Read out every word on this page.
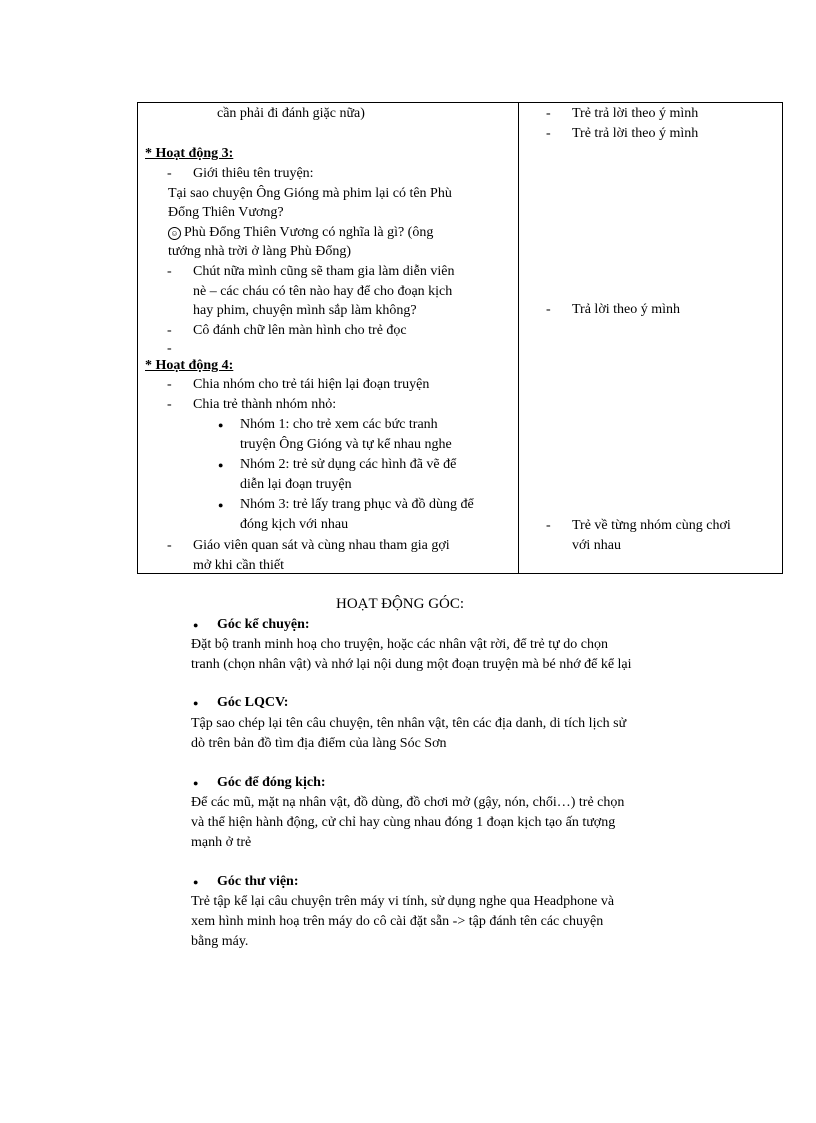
cần phải đi đánh giặc nữa)
* Hoạt động 3:
- Giới thiêu tên truyện:
Tại sao chuyện Ông Gióng mà phim lại có tên Phù
Đổng Thiên Vương?
☺ Phù Đổng Thiên Vương có nghĩa là gì? (ông
tướng nhà trời ở làng Phù Đổng)
- Chút nữa mình cũng sẽ tham gia làm diễn viên
nè – các cháu có tên nào hay để cho đoạn kịch
hay phim, chuyện mình sắp làm không?
- Cô đánh chữ lên màn hình cho trẻ đọc
* Hoạt động 4:
- Chia nhóm cho trẻ tái hiện lại đoạn truyện
- Chia trẻ thành nhóm nhỏ:
● Nhóm 1: cho trẻ xem các bức tranh
truyện Ông Gióng và tự kể nhau nghe
● Nhóm 2: trẻ sử dụng các hình đã vẽ để
diễn lại đoạn truyện
● Nhóm 3: trẻ lấy trang phục và đồ dùng để
đóng kịch với nhau
- Giáo viên quan sát và cùng nhau tham gia gợi
mở khi cần thiết
- Trẻ trả lời theo ý mình
- Trẻ trả lời theo ý mình
- Trả lời theo ý mình
- Trẻ về từng nhóm cùng chơi
với nhau
HOẠT ĐỘNG GÓC:
● Góc kể chuyện:
Đặt bộ tranh minh hoạ cho truyện, hoặc các nhân vật rời, để trẻ tự do chọn
tranh (chọn nhân vật) và nhớ lại nội dung một đoạn truyện mà bé nhớ để kể lại
● Góc LQCV:
Tập sao chép lại tên câu chuyện, tên nhân vật, tên các địa danh, di tích lịch sử
dò trên bản đồ tìm địa điểm của làng Sóc Sơn
● Góc để đóng kịch:
Để các mũ, mặt nạ nhân vật, đồ dùng, đồ chơi mở (gậy, nón, chổi…) trẻ chọn
và thể hiện hành động, cử chỉ hay cùng nhau đóng 1 đoạn kịch tạo ấn tượng
mạnh ở trẻ
● Góc thư viện:
Trẻ tập kể lại câu chuyện trên máy vi tính, sử dụng nghe qua Headphone và
xem hình minh hoạ trên máy do cô cài đặt sẵn -> tập đánh tên các chuyện
bằng máy.
